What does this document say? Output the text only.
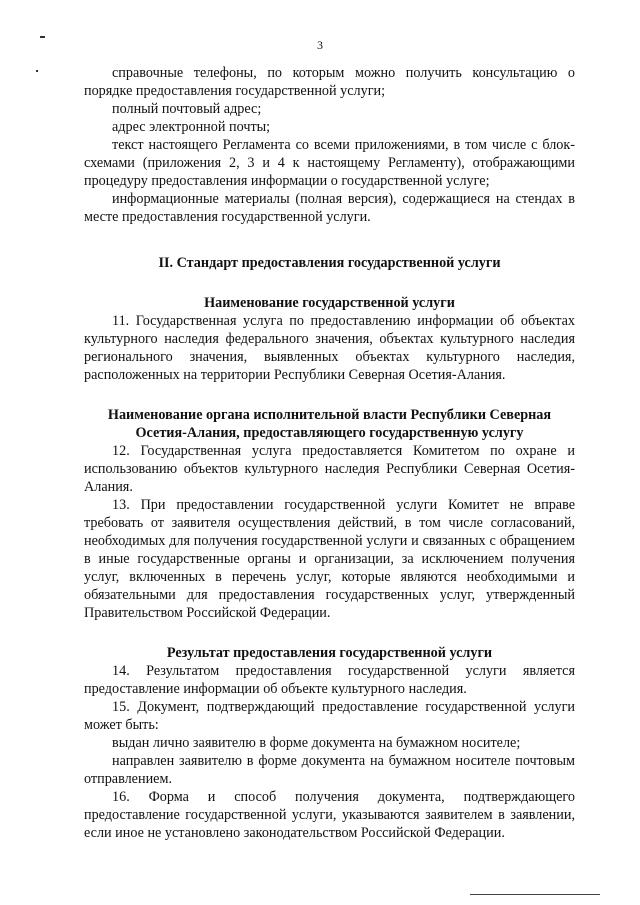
3

справочные телефоны, по которым можно получить консультацию о порядке предоставления государственной услуги;

полный почтовый адрес;

адрес электронной почты;

текст настоящего Регламента со всеми приложениями, в том числе с блок-схемами (приложения 2, 3 и 4 к настоящему Регламенту), отображающими процедуру предоставления информации о государственной услуге;

информационные материалы (полная версия), содержащиеся на стендах в месте предоставления государственной услуги.

II. Стандарт предоставления государственной услуги

Наименование государственной услуги

11. Государственная услуга по предоставлению информации об объектах культурного наследия федерального значения, объектах культурного наследия регионального значения, выявленных объектах культурного наследия, расположенных на территории Республики Северная Осетия-Алания.

Наименование органа исполнительной власти Республики Северная
Осетия-Алания, предоставляющего государственную услугу

12. Государственная услуга предоставляется Комитетом по охране и использованию объектов культурного наследия Республики Северная Осетия-Алания.

13. При предоставлении государственной услуги Комитет не вправе требовать от заявителя осуществления действий, в том числе согласований, необходимых для получения государственной услуги и связанных с обращением в иные государственные органы и организации, за исключением получения услуг, включенных в перечень услуг, которые являются необходимыми и обязательными для предоставления государственных услуг, утвержденный Правительством Российской Федерации.

Результат предоставления государственной услуги

14. Результатом предоставления государственной услуги является предоставление информации об объекте культурного наследия.

15. Документ, подтверждающий предоставление государственной услуги может быть:

выдан лично заявителю в форме документа на бумажном носителе;

направлен заявителю в форме документа на бумажном носителе почтовым отправлением.

16. Форма и способ получения документа, подтверждающего предоставление государственной услуги, указываются заявителем в заявлении, если иное не установлено законодательством Российской Федерации.
